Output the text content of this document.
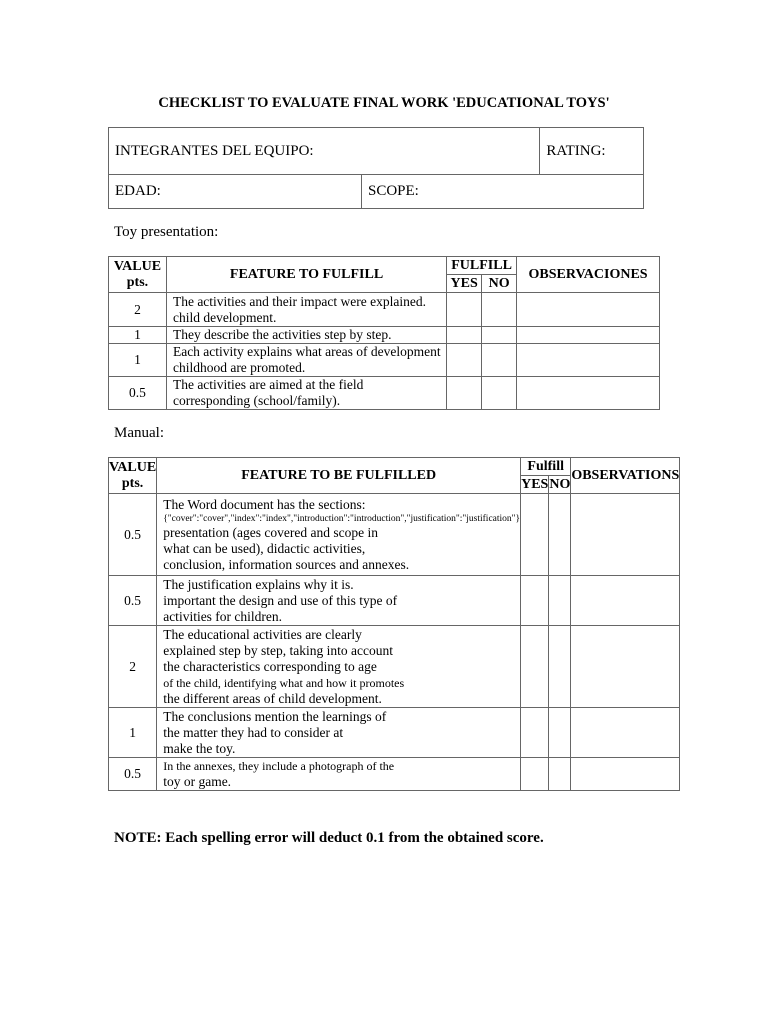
CHECKLIST TO EVALUATE FINAL WORK 'EDUCATIONAL TOYS'
INTEGRANTES DEL EQUIPO:		RATING:
EDAD:	SCOPE:	
Toy presentation:
VALUE
pts.	FEATURE TO FULFILL	FULFILL		OBSERVACIONES
		YES	NO	
2	The activities and their impact were explained.
child development.			
1	They describe the activities step by step.			
1	Each activity explains what areas of development
childhood are promoted.			
0.5	The activities are aimed at the field
corresponding (school/family).			
Manual:
VALUE
pts.	FEATURE TO BE FULFILLED	Fulfill		OBSERVATIONS
		YES	NO	
0.5	The Word document has the sections:

{"cover":"cover","index":"index","introduction":"introduction","justification":"justification"}
presentation (ages covered and scope in
what can be used), didactic activities,
conclusion, information sources and annexes.			
0.5	The justification explains why it is.
important the design and use of this type of
activities for children.			
2	The educational activities are clearly
explained step by step, taking into account
the characteristics corresponding to age
of the child, identifying what and how it promotes
the different areas of child development.			
1	The conclusions mention the learnings of
the matter they had to consider at
make the toy.			
0.5	In the annexes, they include a photograph of the
toy or game.			
NOTE: Each spelling error will deduct 0.1 from the obtained score.
